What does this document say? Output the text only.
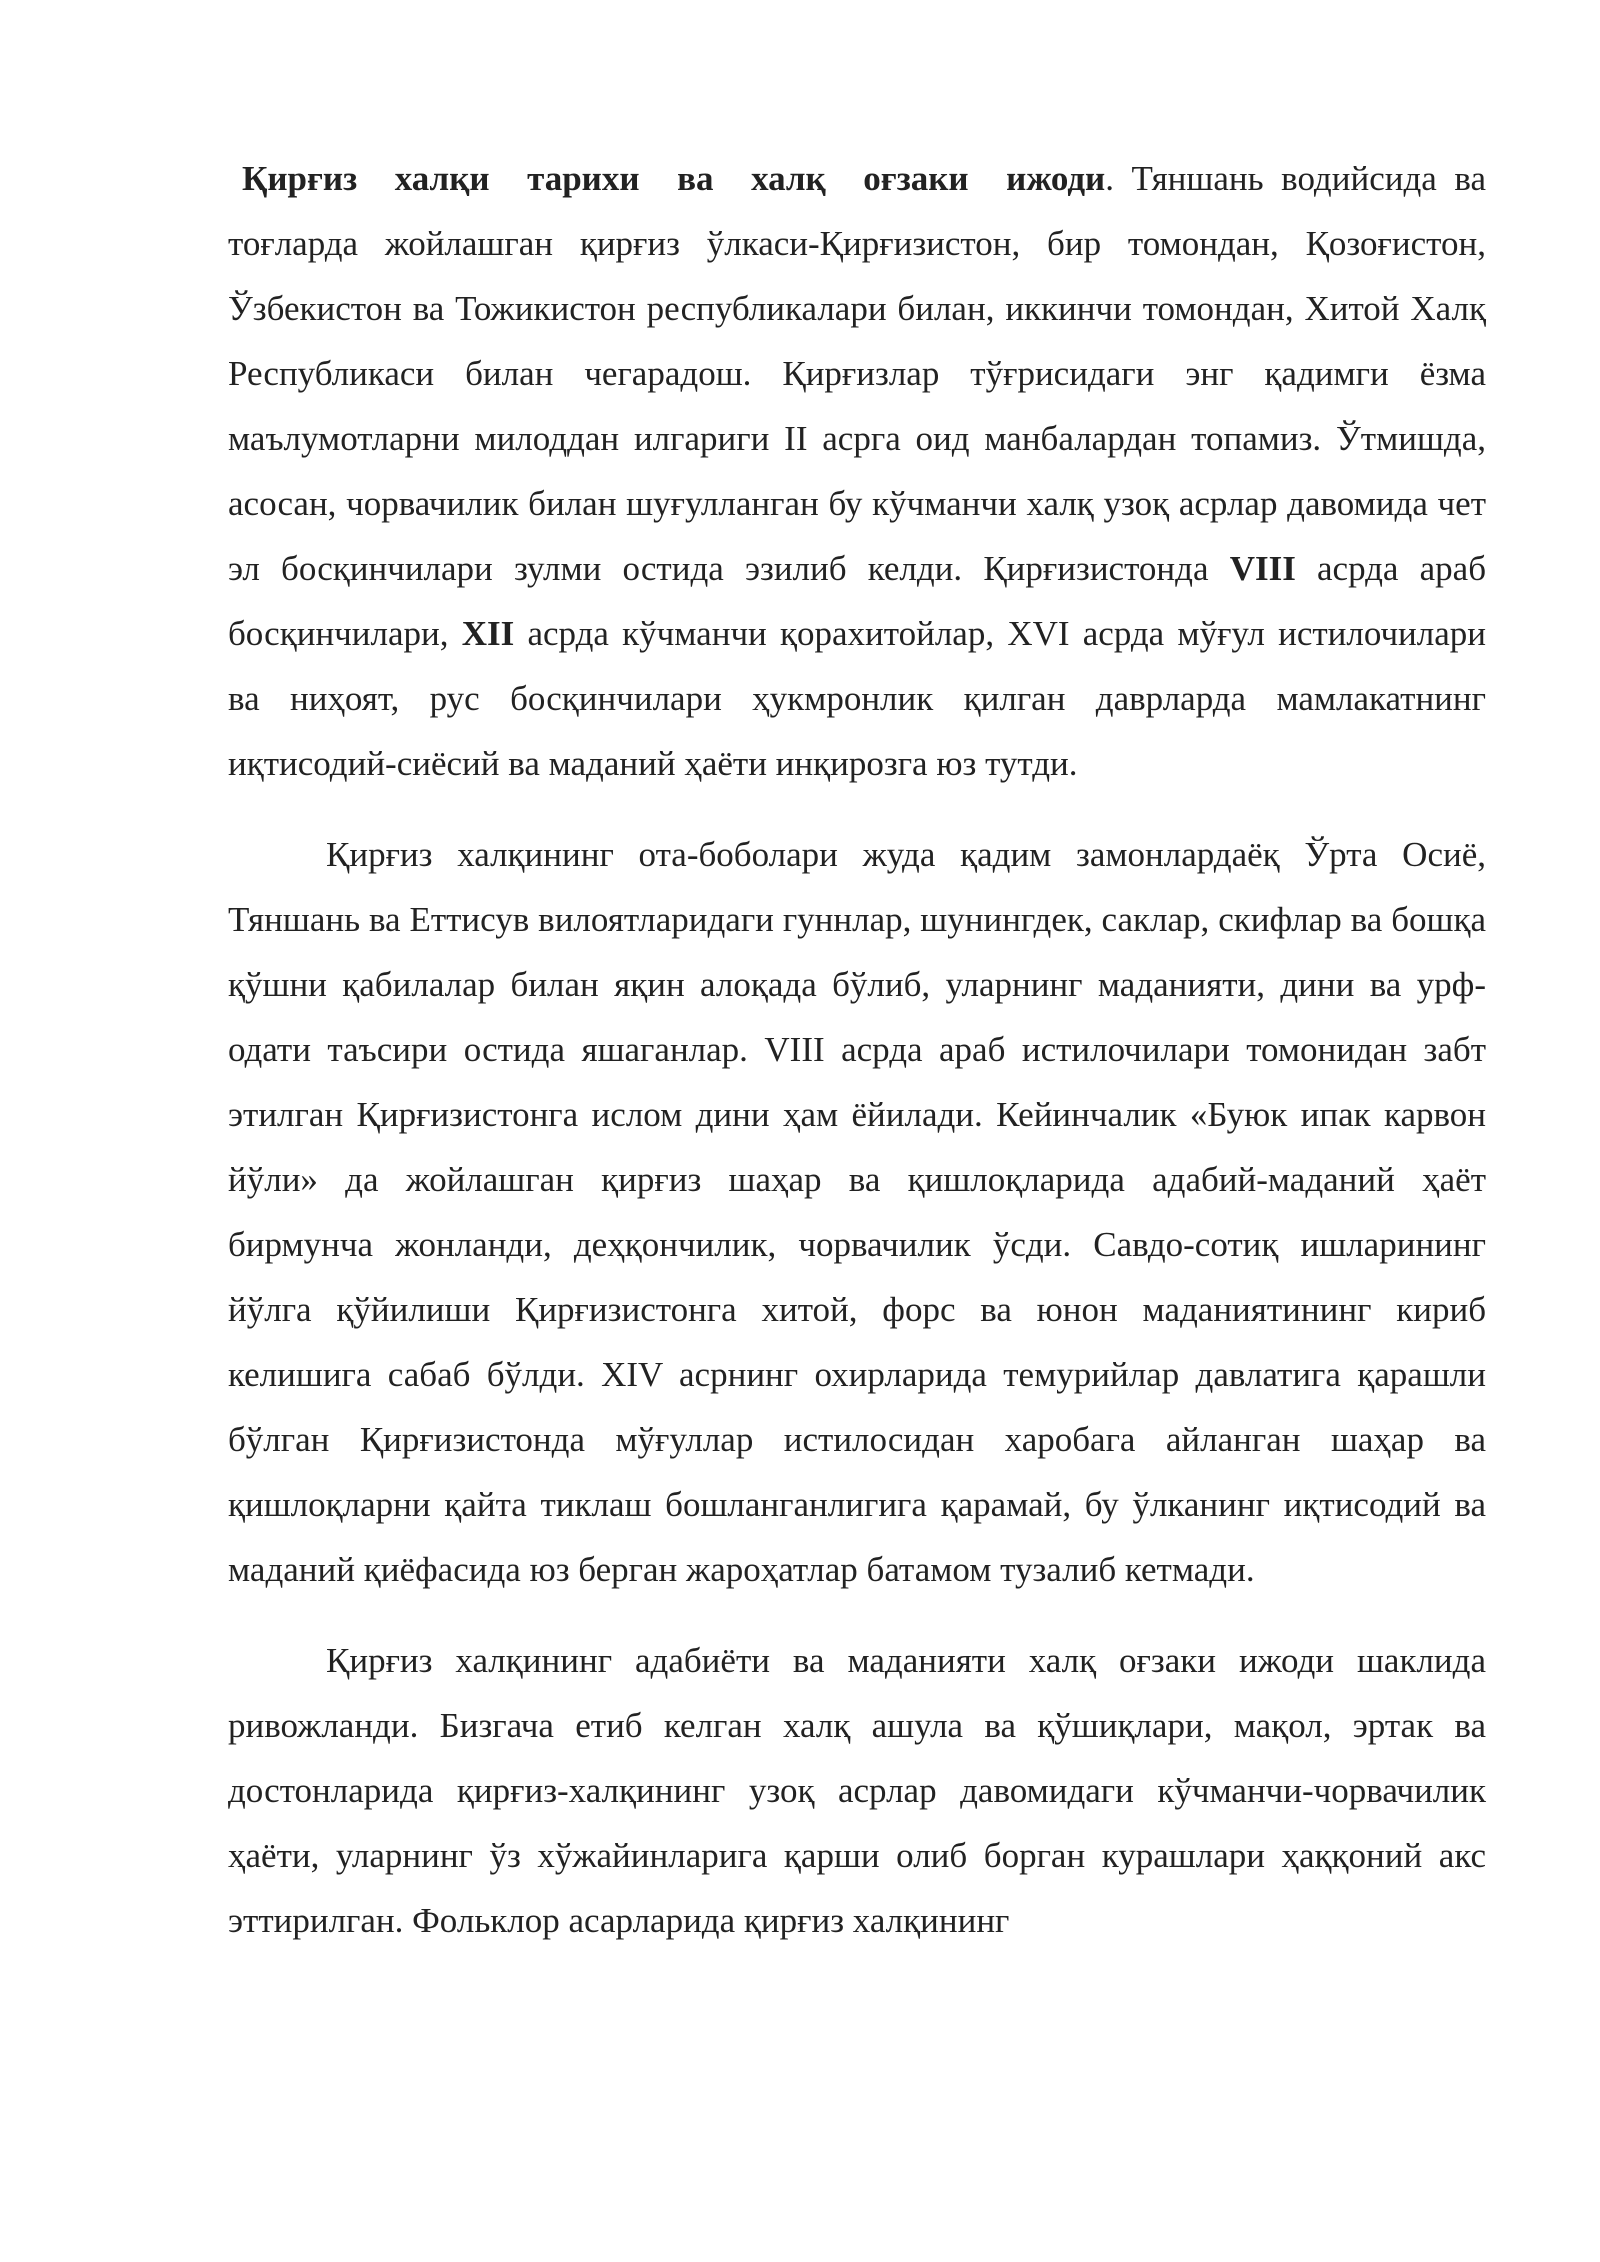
Қирғиз халқи тарихи ва халқ оғзаки ижоди. Тяншань водийсида ва тоғларда жойлашган қирғиз ўлкаси-Қирғизистон, бир томондан, Қозоғистон, Ўзбекистон ва Тожикистон республикалари билан, иккинчи томондан, Хитой Халқ Республикаси билан чегарадош. Қирғизлар тўғрисидаги энг қадимги ёзма маълумотларни милоддан илгариги II асрга оид манбалардан топамиз. Ўтмишда, асосан, чорвачилик билан шуғулланган бу кўчманчи халқ узоқ асрлар давомида чет эл босқинчилари зулми остида эзилиб келди. Қирғизистонда VIII асрда араб босқинчилари, XII асрда кўчманчи қорахитойлар, XVI асрда мўғул истилочилари ва ниҳоят, рус босқинчилари ҳукмронлик қилган даврларда мамлакатнинг иқтисодий-сиёсий ва маданий ҳаёти инқирозга юз тутди.

Қирғиз халқининг ота-боболари жуда қадим замонлардаёқ Ўрта Осиё, Тяншань ва Еттисув вилоятларидаги гуннлар, шунингдек, саклар, скифлар ва бошқа қўшни қабилалар билан яқин алоқада бўлиб, уларнинг маданияти, дини ва урф-одати таъсири остида яшаганлар. VIII асрда араб истилочилари томонидан забт этилган Қирғизистонга ислом дини ҳам ёйилади. Кейинчалик «Буюк ипак карвон йўли» да жойлашган қирғиз шаҳар ва қишлоқларида адабий-маданий ҳаёт бирмунча жонланди, деҳқончилик, чорвачилик ўсди. Савдо-сотиқ ишларининг йўлга қўйилиши Қирғизистонга хитой, форс ва юнон маданиятининг кириб келишига сабаб бўлди. XIV асрнинг охирларида темурийлар давлатига қарашли бўлган Қирғизистонда мўғуллар истилосидан харобага айланган шаҳар ва қишлоқларни қайта тиклаш бошланганлигига қарамай, бу ўлканинг иқтисодий ва маданий қиёфасида юз берган жароҳатлар батамом тузалиб кетмади.

Қирғиз халқининг адабиёти ва маданияти халқ оғзаки ижоди шаклида ривожланди. Бизгача етиб келган халқ ашула ва қўшиқлари, мақол, эртак ва достонларида қирғиз-халқининг узоқ асрлар давомидаги кўчманчи-чорвачилик ҳаёти, уларнинг ўз хўжайинларига қарши олиб борган курашлари ҳаққоний акс эттирилган. Фольклор асарларида қирғиз халқининг
